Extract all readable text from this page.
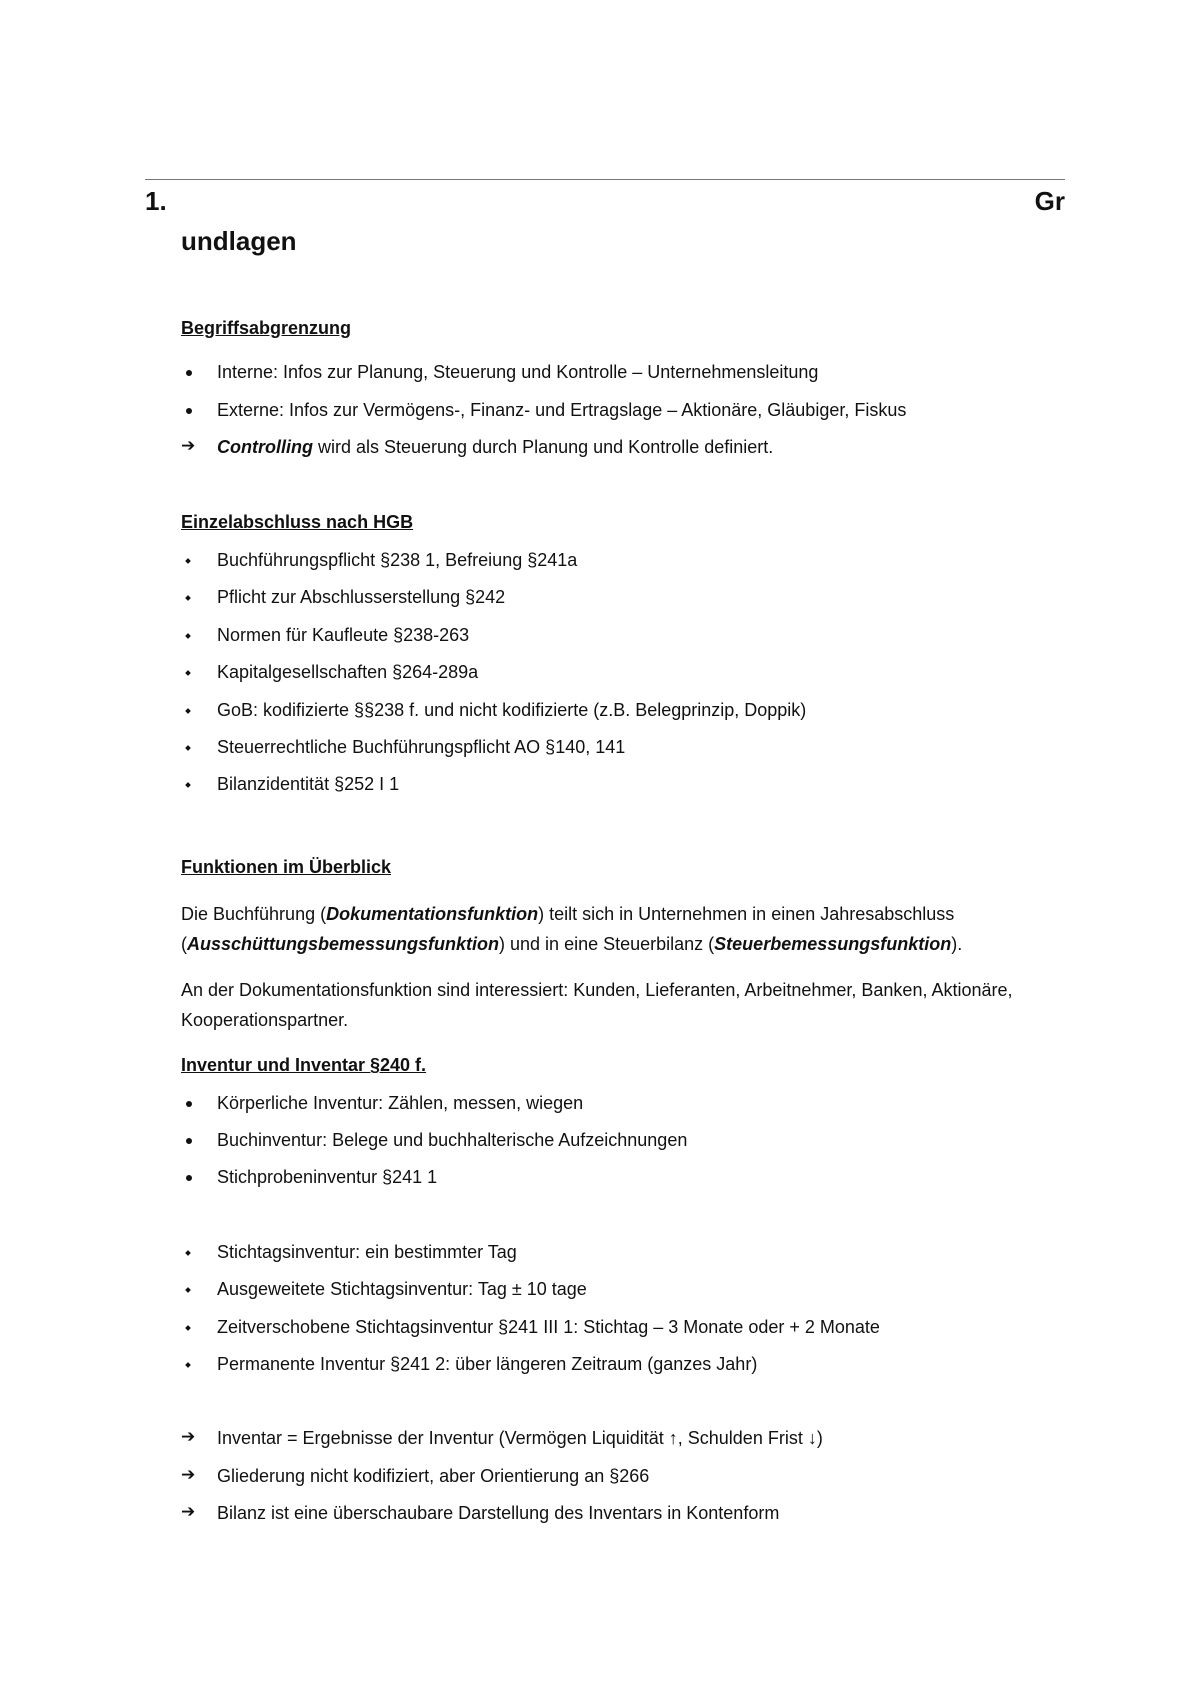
1.	Gr
undlagen
Begriffsabgrenzung
Interne: Infos zur Planung, Steuerung und Kontrolle – Unternehmensleitung
Externe: Infos zur Vermögens-, Finanz- und Ertragslage – Aktionäre, Gläubiger, Fiskus
➔	Controlling wird als Steuerung durch Planung und Kontrolle definiert.
Einzelabschluss nach HGB
Buchführungspflicht §238 1, Befreiung §241a
Pflicht zur Abschlusserstellung §242
Normen für Kaufleute §238-263
Kapitalgesellschaften §264-289a
GoB: kodifizierte §§238 f. und nicht kodifizierte (z.B. Belegprinzip, Doppik)
Steuerrechtliche Buchführungspflicht AO §140, 141
Bilanzidentität §252 I 1
Funktionen im Überblick
Die Buchführung (Dokumentationsfunktion) teilt sich in Unternehmen in einen Jahresabschluss (Ausschüttungsbemessungsfunktion) und in eine Steuerbilanz (Steuerbemessungsfunktion).
An der Dokumentationsfunktion sind interessiert: Kunden, Lieferanten, Arbeitnehmer, Banken, Aktionäre, Kooperationspartner.
Inventur und Inventar §240 f.
Körperliche Inventur: Zählen, messen, wiegen
Buchinventur: Belege und buchhalterische Aufzeichnungen
Stichprobeninventur §241 1
Stichtagsinventur: ein bestimmter Tag
Ausgeweitete Stichtagsinventur: Tag ± 10 tage
Zeitverschobene Stichtagsinventur §241 III 1: Stichtag – 3 Monate oder + 2 Monate
Permanente Inventur §241 2: über längeren Zeitraum (ganzes Jahr)
➔	Inventar = Ergebnisse der Inventur (Vermögen Liquidität ↑, Schulden Frist ↓)
➔	Gliederung nicht kodifiziert, aber Orientierung an §266
➔	Bilanz ist eine überschaubare Darstellung des Inventars in Kontenform
